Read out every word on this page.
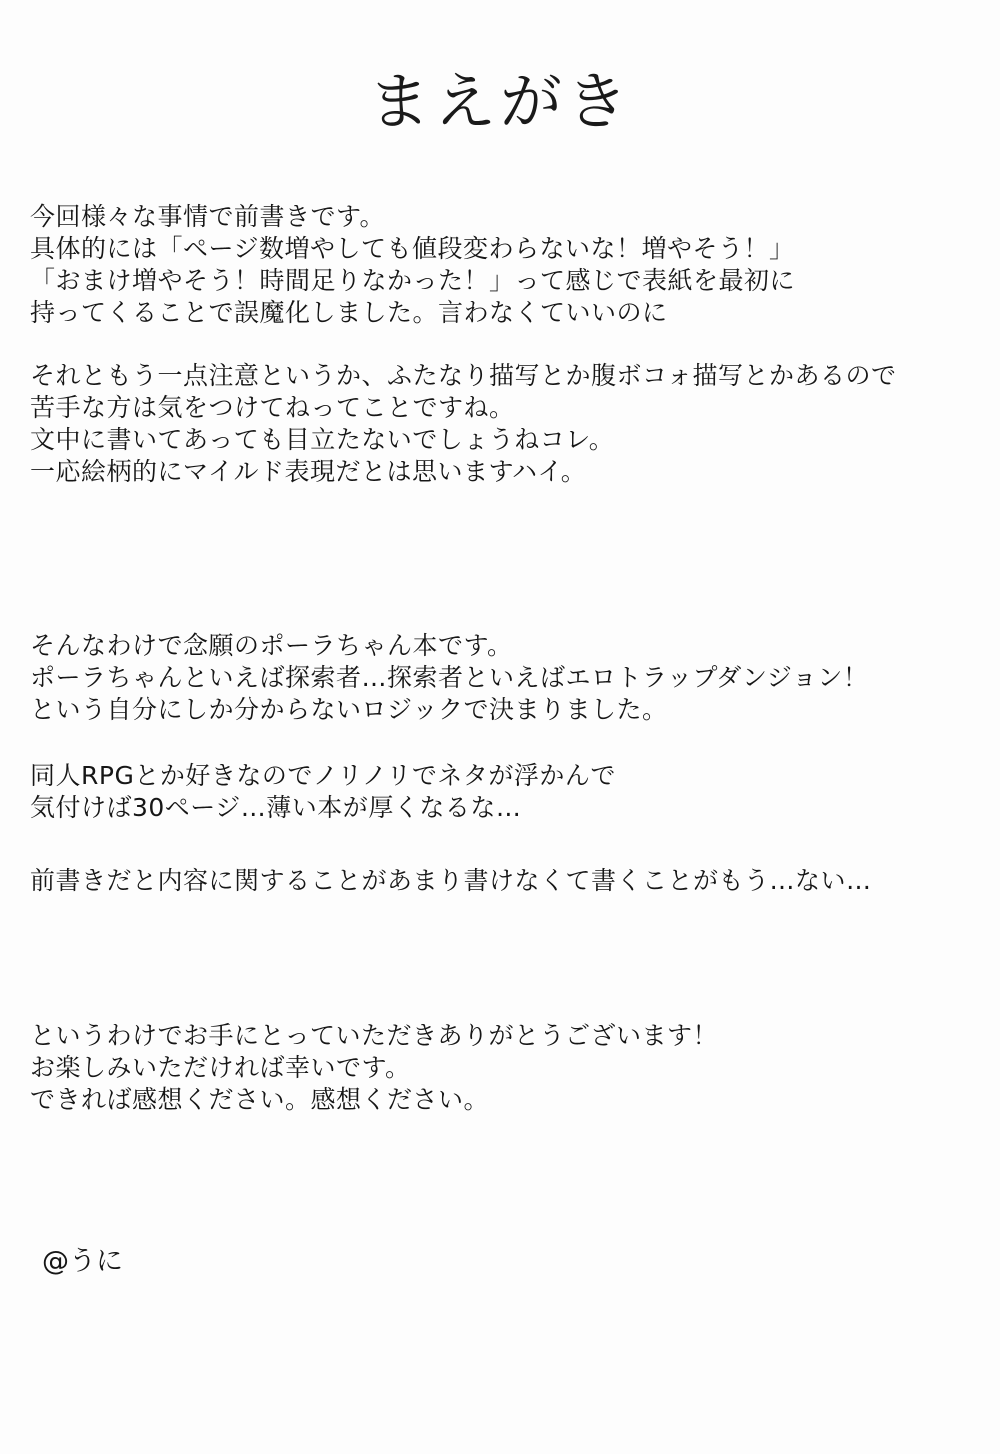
まえがき
今回様々な事情で前書きです。
具体的には「ページ数増やしても値段変わらないな！増やそう！」
「おまけ増やそう！時間足りなかった！」って感じで表紙を最初に
持ってくることで誤魔化しました。言わなくていいのに
それともう一点注意というか、ふたなり描写とか腹ボコォ描写とかあるので
苦手な方は気をつけてねってことですね。
文中に書いてあっても目立たないでしょうねコレ。
一応絵柄的にマイルド表現だとは思いますハイ。
そんなわけで念願のポーラちゃん本です。
ポーラちゃんといえば探索者…探索者といえばエロトラップダンジョン！
という自分にしか分からないロジックで決まりました。
同人RPGとか好きなのでノリノリでネタが浮かんで
気付けば30ページ…薄い本が厚くなるな…
前書きだと内容に関することがあまり書けなくて書くことがもう…ない…
というわけでお手にとっていただきありがとうございます！
お楽しみいただければ幸いです。
できれば感想ください。感想ください。
@うに
